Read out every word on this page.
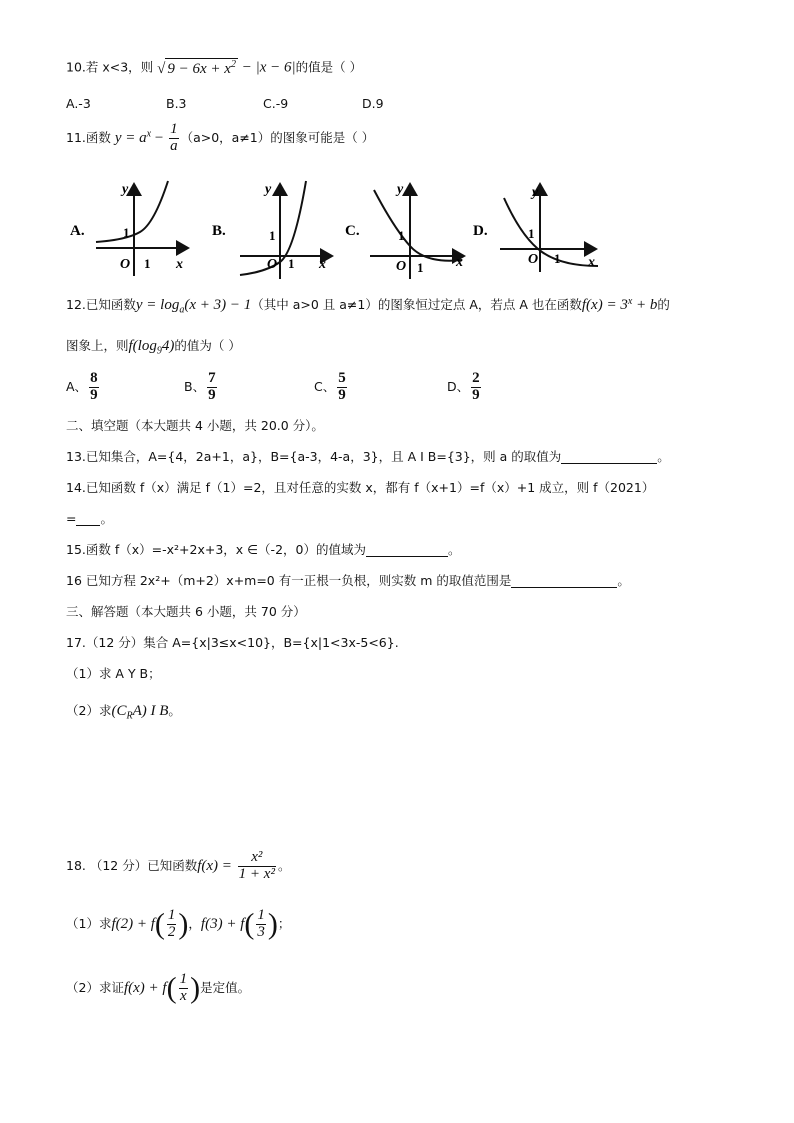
10.若 x<3，则 √ $9 - 6x + x^2 - |x - 6|$的值是（ ）
A.-3	B.3	C.-9	D.9
11.函数 $y = a^x - \frac{1}{a} (a>0$，a≠1）的图象可能是（ ）
A.
y
x
O 1
1	B.
y
x
O 1
1	C.
y
x
O 1
1	D.
y
x
O 1
1
12.已知函数$y = \log_a(x + 3) - 1$（其中 a>0 且 a≠1）的图象恒过定点 A，若点 A 也在函数$f(x) = 3^x + b$的
图象上，则$f(\log_94)$的值为（ ）
A、 $\frac{8}{9}$	B、 $\frac{7}{9}$	C、 $\frac{5}{9}$	D、 $\frac{2}{9}$
二、填空题（本大题共 4 小题，共 20.0 分）。
13.已知集合，A={4，2a+1，a}，B={a-3，4-a，3}，且 A I B={3}，则 a 的取值为	。
14.已知函数 f（x）满足 f（1）=2，且对任意的实数 x，都有 f（x+1）=f（x）+1 成立，则 f（2021）
= 。
15.函数 f（x）=-x²+2x+3，x ∈（-2，0）的值域为	。
16 已知方程 2x²+（m+2）x+m=0 有一正根一负根，则实数 m 的取值范围是	。
三、解答题（本大题共 6 小题，共 70 分）
17.（12 分）集合 A={x|3≤x<10}，B={x|1<3x-5<6}.
（1）求 A Y B；
（2）求$(C_RA)$ I B。
18. （12 分）已知函数$f(x) = \frac{\text{x²}}{\text{1 + x²}}$ 。
（1）求$f(2) + f( \frac{1}{2}$ )，$f(3) + f( \frac{1}{3}$ )；
（2）求证$f(x) + f( \frac{1}{x}$ )是定值。
